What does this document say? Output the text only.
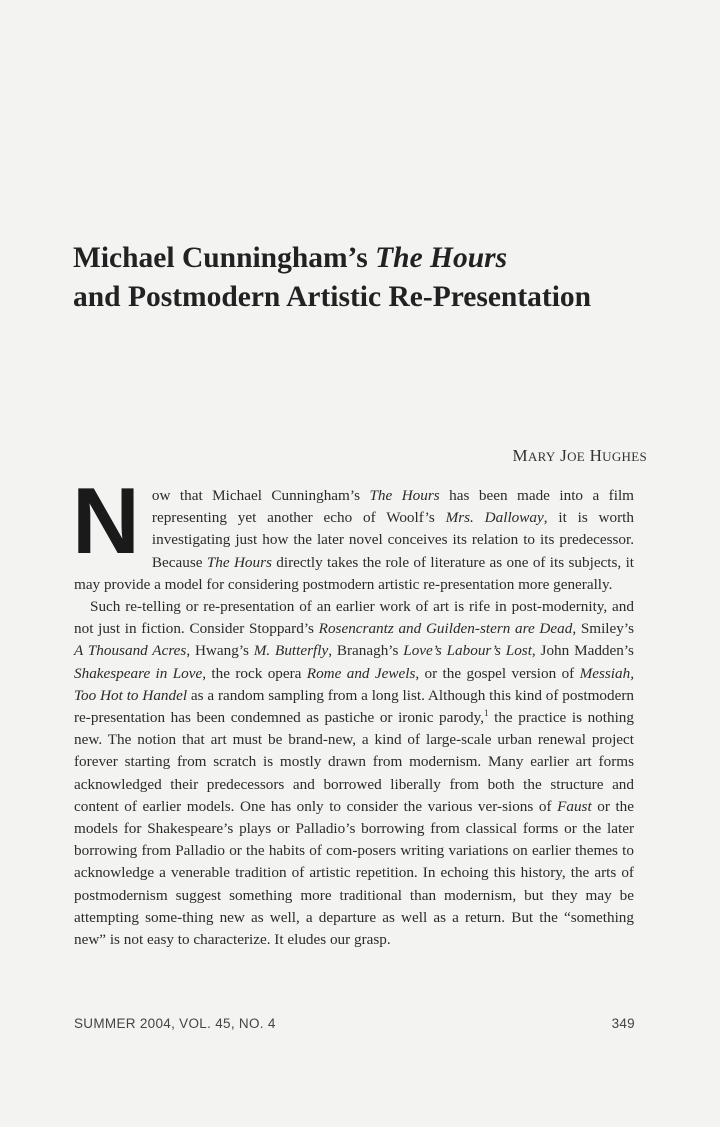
Michael Cunningham’s The Hours
and Postmodern Artistic Re-Presentation
MARY JOE HUGHES

Now that Michael Cunningham’s The Hours has been made into a film representing yet another echo of Woolf’s Mrs. Dalloway, it is worth investigating just how the later novel conceives its relation to its predecessor. Because The Hours directly takes the role of literature as one of its subjects, it may provide a model for considering postmodern artistic re-presentation more generally.

Such re-telling or re-presentation of an earlier work of art is rife in post-modernity, and not just in fiction. Consider Stoppard’s Rosencrantz and Guilden-stern are Dead, Smiley’s A Thousand Acres, Hwang’s M. Butterfly, Branagh’s Love’s Labour’s Lost, John Madden’s Shakespeare in Love, the rock opera Rome and Jewels, or the gospel version of Messiah, Too Hot to Handel as a random sampling from a long list. Although this kind of postmodern re-presentation has been condemned as pastiche or ironic parody,$^1$ the practice is nothing new. The notion that art must be brand-new, a kind of large-scale urban renewal project forever starting from scratch is mostly drawn from modernism. Many earlier art forms acknowledged their predecessors and borrowed liberally from both the structure and content of earlier models. One has only to consider the various ver-sions of Faust or the models for Shakespeare’s plays or Palladio’s borrowing from classical forms or the later borrowing from Palladio or the habits of com-posers writing variations on earlier themes to acknowledge a venerable tradition of artistic repetition. In echoing this history, the arts of postmodernism suggest something more traditional than modernism, but they may be attempting some-thing new as well, a departure as well as a return. But the “something new” is not easy to characterize. It eludes our grasp.

SUMMER 2004, VOL. 45, NO. 4	349
